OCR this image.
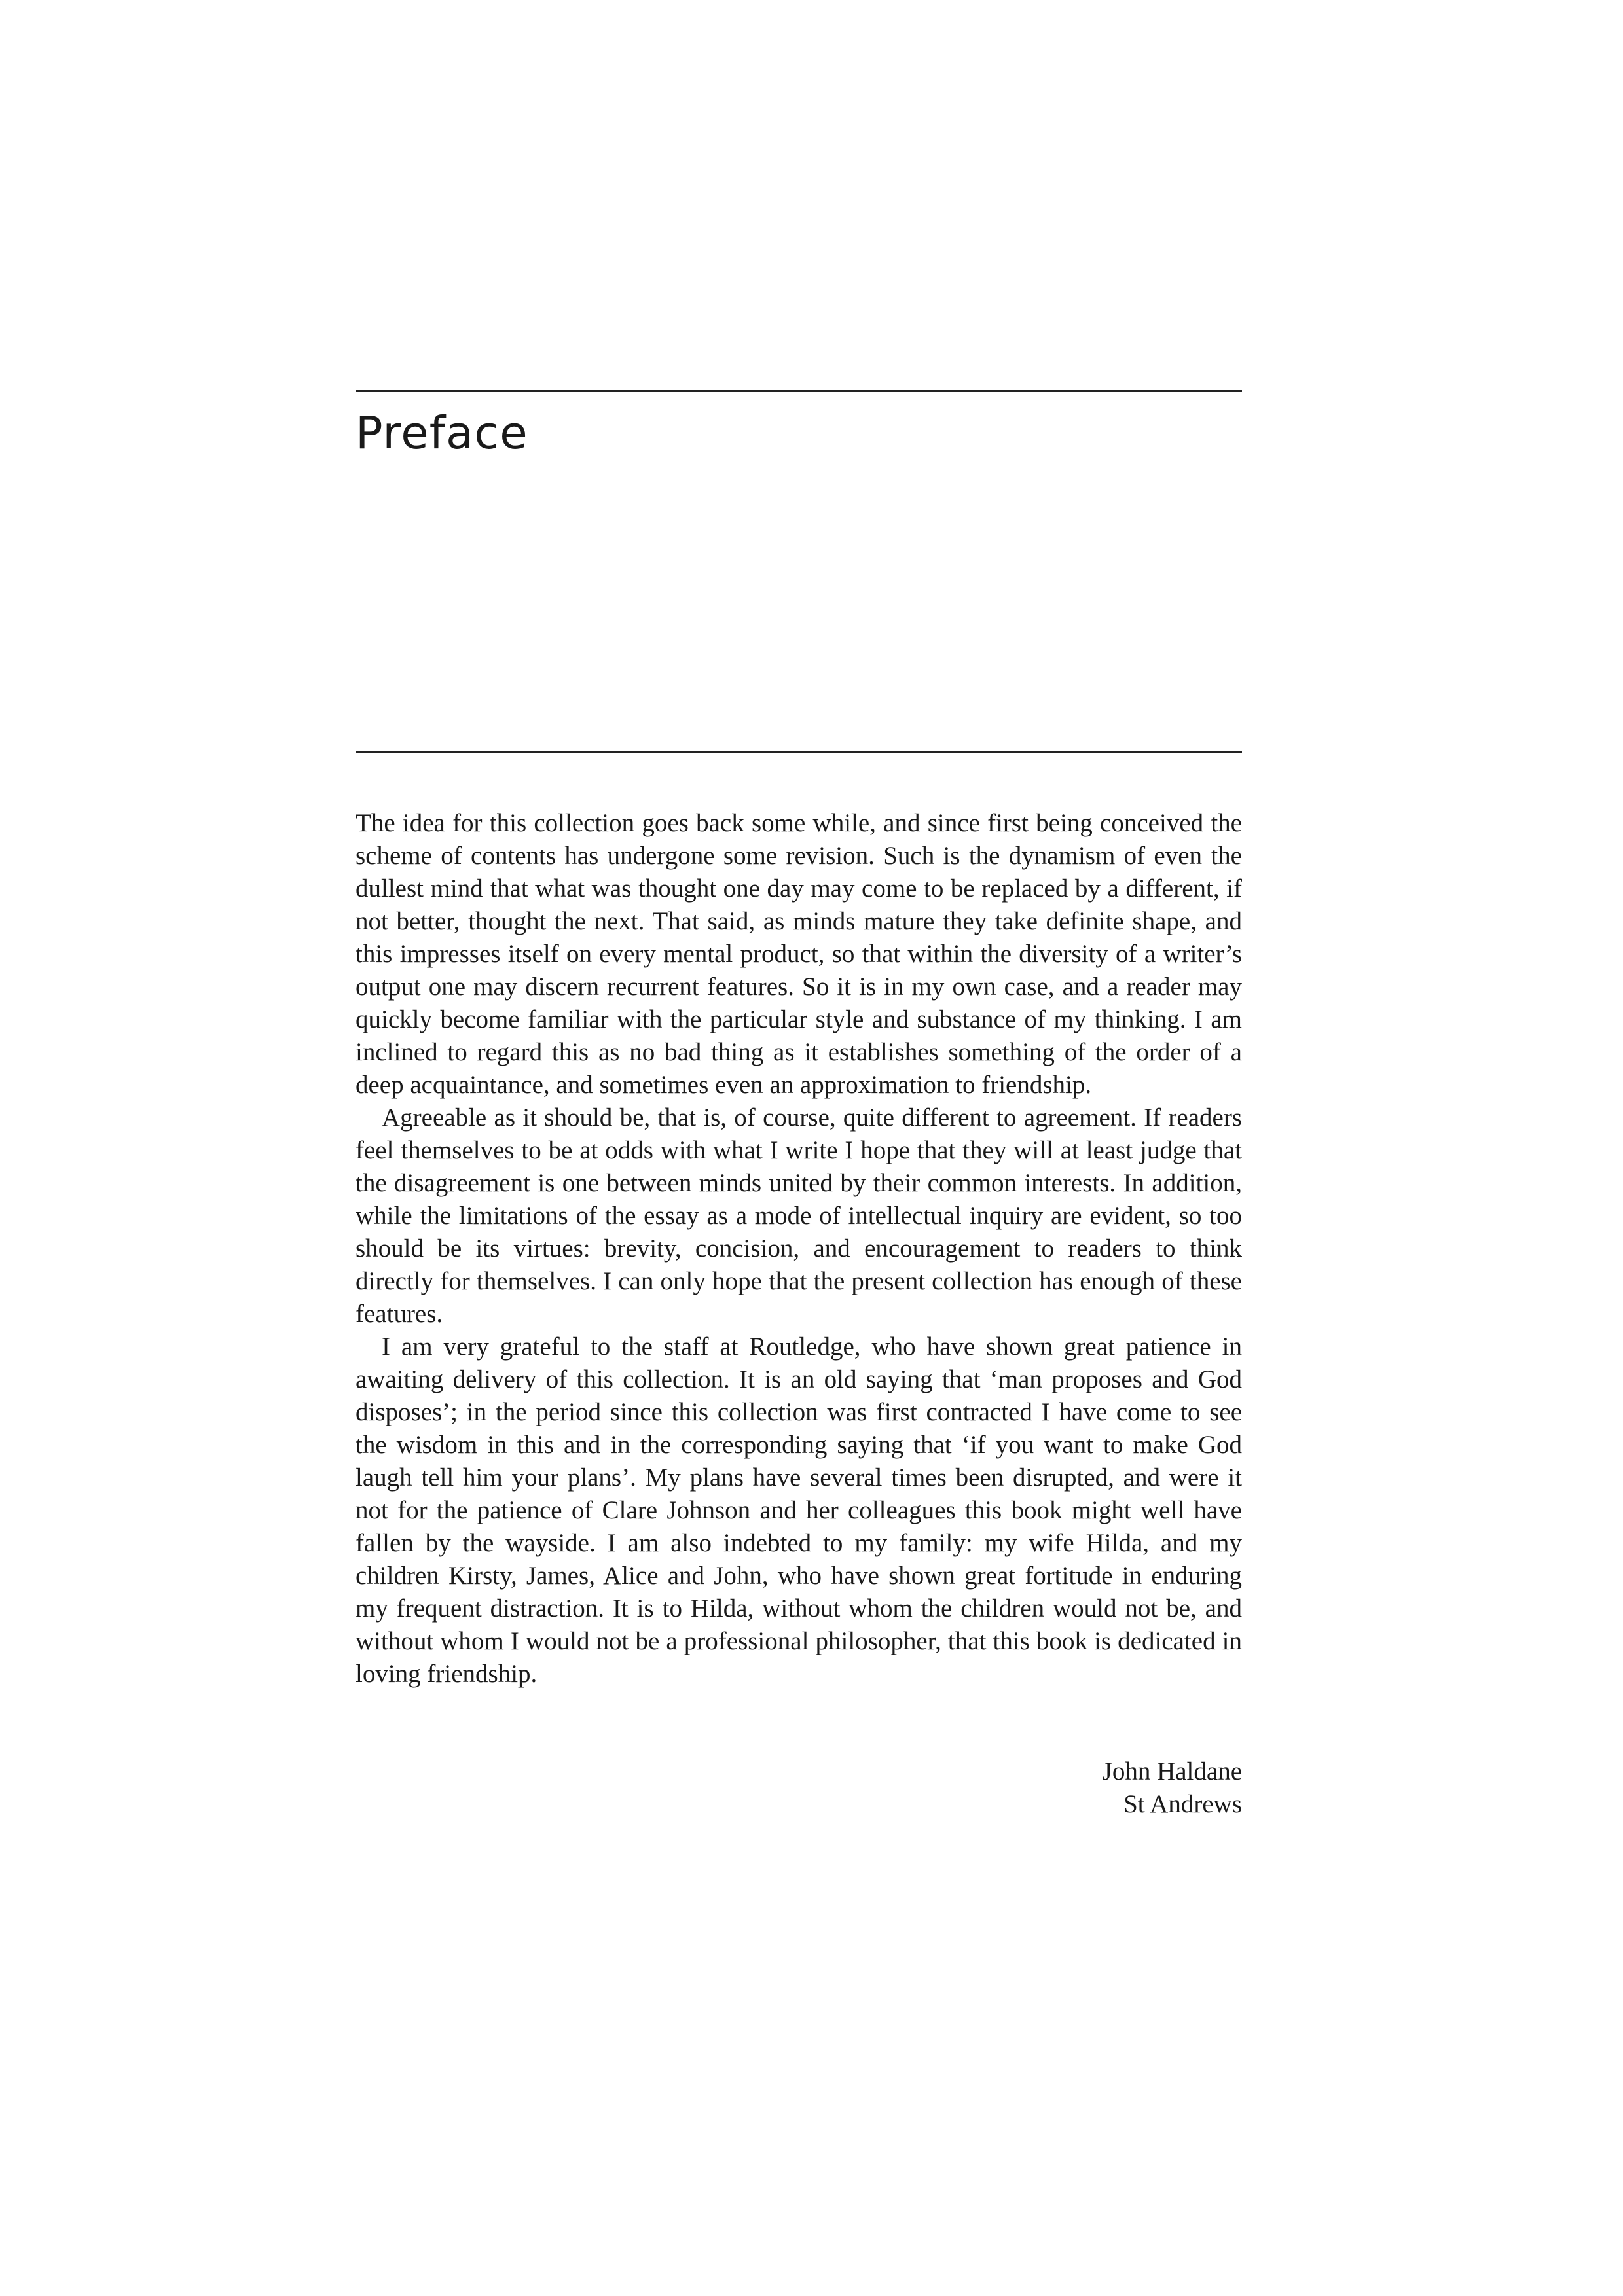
Preface

The idea for this collection goes back some while, and since first being conceived the scheme of contents has undergone some revision. Such is the dynamism of even the dullest mind that what was thought one day may come to be replaced by a different, if not better, thought the next. That said, as minds mature they take definite shape, and this impresses itself on every mental product, so that within the diversity of a writer’s output one may discern recurrent features. So it is in my own case, and a reader may quickly become familiar with the particular style and substance of my thinking. I am inclined to regard this as no bad thing as it establishes something of the order of a deep acquaintance, and sometimes even an approximation to friendship.

Agreeable as it should be, that is, of course, quite different to agreement. If readers feel themselves to be at odds with what I write I hope that they will at least judge that the disagreement is one between minds united by their common interests. In addition, while the limitations of the essay as a mode of intellectual inquiry are evident, so too should be its virtues: brevity, concision, and encouragement to readers to think directly for themselves. I can only hope that the present collection has enough of these features.

I am very grateful to the staff at Routledge, who have shown great patience in awaiting delivery of this collection. It is an old saying that ‘man proposes and God disposes’; in the period since this collection was first contracted I have come to see the wisdom in this and in the corresponding saying that ‘if you want to make God laugh tell him your plans’. My plans have several times been disrupted, and were it not for the patience of Clare Johnson and her colleagues this book might well have fallen by the wayside. I am also indebted to my family: my wife Hilda, and my children Kirsty, James, Alice and John, who have shown great fortitude in enduring my frequent distraction. It is to Hilda, without whom the children would not be, and without whom I would not be a professional philosopher, that this book is dedicated in loving friendship.

John Haldane
St Andrews
